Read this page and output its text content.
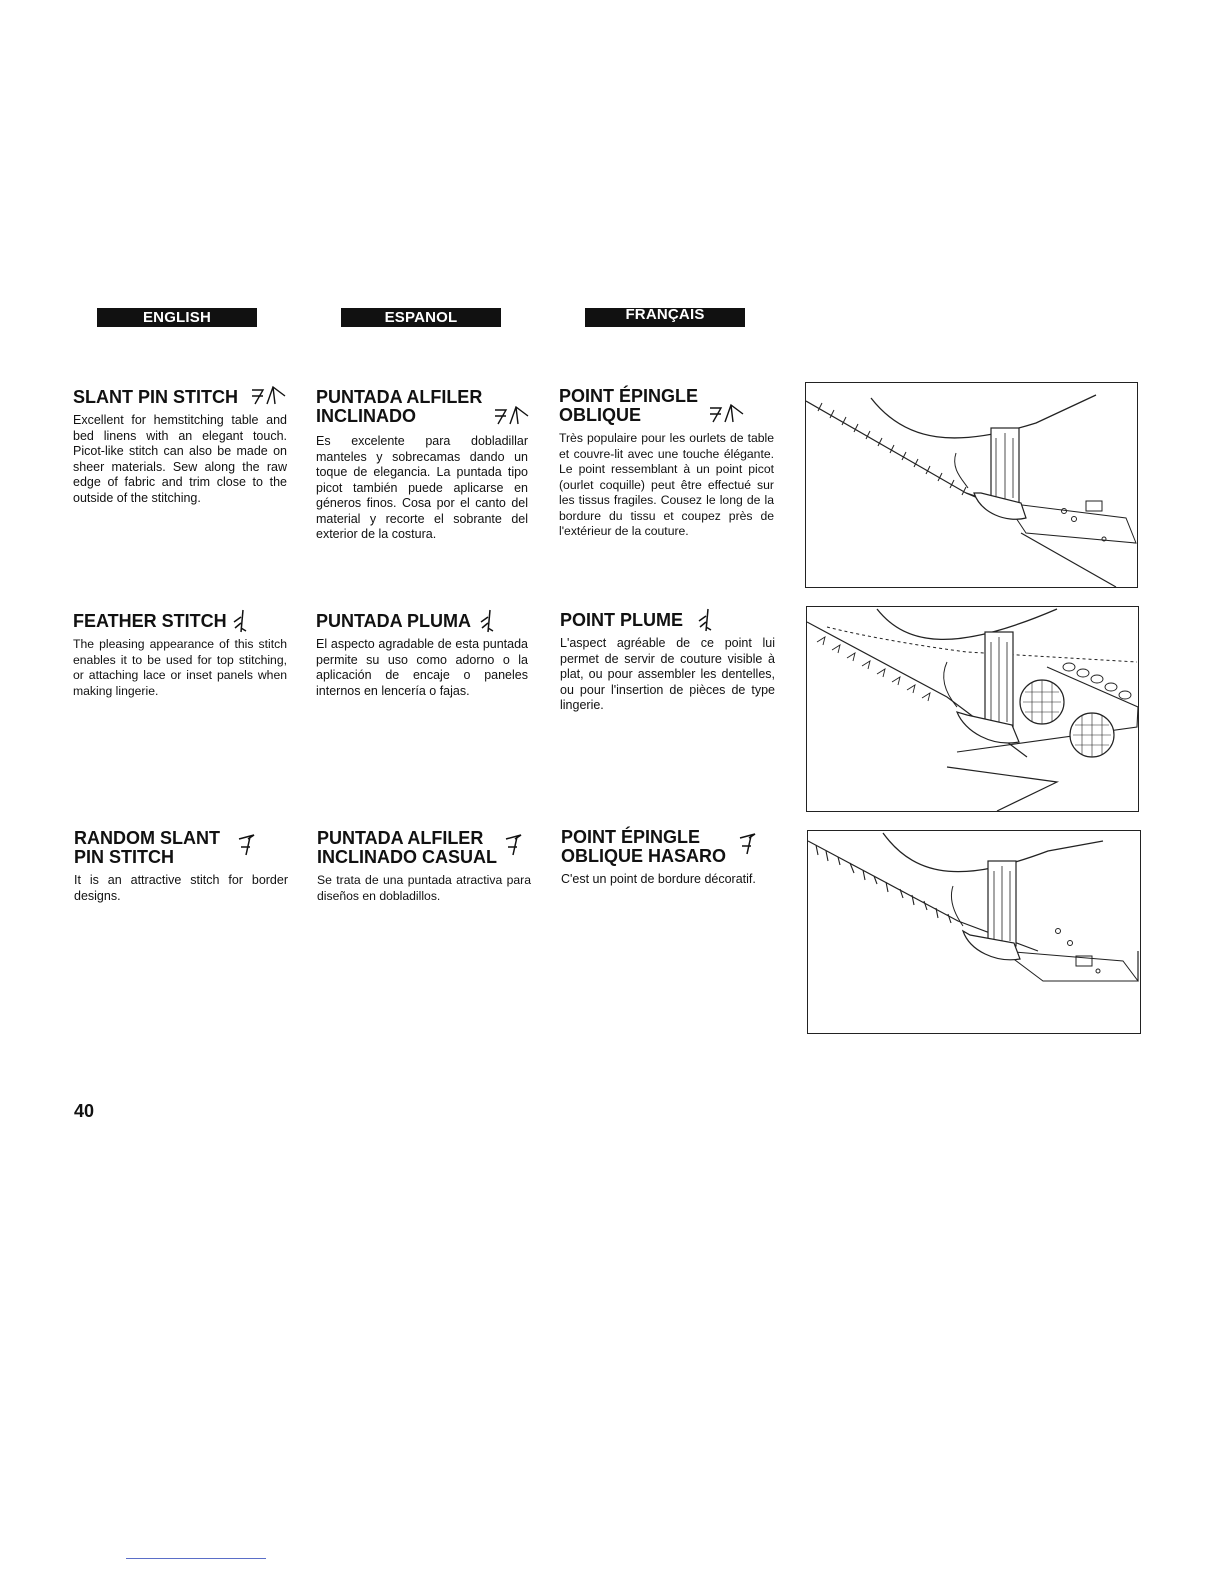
ENGLISH	ESPANOL	FRANÇAIS
SLANT PIN STITCH

Excellent for hemstitching table and bed linens with an elegant touch. Picot-like stitch can also be made on sheer materials. Sew along the raw edge of fabric and trim close to the outside of the stitching.

PUNTADA ALFILER
INCLINADO

Es excelente para dobladillar manteles y sobrecamas dando un toque de elegancia. La puntada tipo picot también puede aplicarse en géneros finos. Cosa por el canto del material y recorte el sobrante del exterior de la costura.

POINT ÉPINGLE
OBLIQUE

Très populaire pour les ourlets de table et couvre-lit avec une touche élégante. Le point ressemblant à un point picot (ourlet coquille) peut être effectué sur les tissus fragiles. Cousez le long de la bordure du tissu et coupez près de l'extérieur de la couture.

FEATHER STITCH

The pleasing appearance of this stitch enables it to be used for top stitching, or attaching lace or inset panels when making lingerie.

PUNTADA PLUMA

El aspecto agradable de esta puntada permite su uso como adorno o la aplicación de encaje o paneles internos en lencería o fajas.

POINT PLUME

L'aspect agréable de ce point lui permet de servir de couture visible à plat, ou pour assembler les dentelles, ou pour l'insertion de pièces de type lingerie.

RANDOM SLANT
PIN STITCH

It is an attractive stitch for border designs.

PUNTADA ALFILER
INCLINADO CASUAL

Se trata de una puntada atractiva para diseños en dobladillos.

POINT ÉPINGLE
OBLIQUE HASARO

C'est un point de bordure décoratif.

40
